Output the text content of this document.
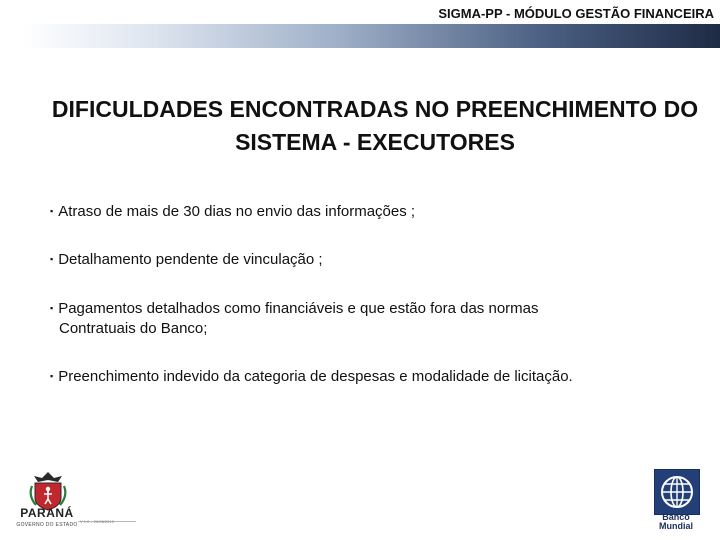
SIGMA-PP - MÓDULO GESTÃO FINANCEIRA
DIFICULDADES ENCONTRADAS NO PREENCHIMENTO DO
SISTEMA - EXECUTORES
▪ Atraso de mais de 30 dias no envio das informações ;
▪ Detalhamento pendente de vinculação ;
▪ Pagamentos detalhados como financiáveis e que estão fora das normas
Contratuais do Banco;
▪ Preenchimento indevido da categoria de despesas e modalidade de licitação.
PARANÁ
GOVERNO DO ESTADO
V 1.0 – 20/06/2013	Banco
Mundial
